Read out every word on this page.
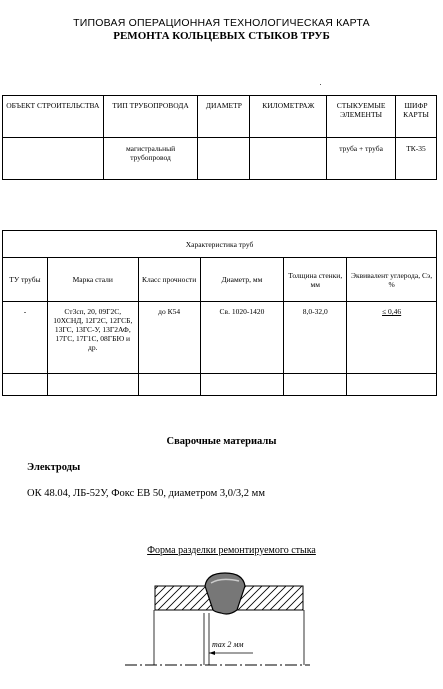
ТИПОВАЯ ОПЕРАЦИОННАЯ ТЕХНОЛОГИЧЕСКАЯ КАРТА
РЕМОНТА КОЛЬЦЕВЫХ СТЫКОВ ТРУБ
ОБЪЕКТ СТРОИТЕЛЬСТВА	ТИП ТРУБОПРОВОДА	ДИАМЕТР	КИЛОМЕТРАЖ	СТЫКУЕМЫЕ ЭЛЕМЕНТЫ	ШИФР КАРТЫ
	магистральный трубопровод			труба + труба	ТК-35
Характеристика труб					
ТУ трубы	Марка стали	Класс прочности	Диаметр, мм	Толщина стенки, мм	Эквивалент углерода, Сэ, %
-	Ст3сп, 20, 09Г2С, 10ХСНД, 12Г2С, 12ГСБ, 13ГС, 13ГС-У, 13Г2АФ, 17ГС, 17Г1С, 08ГБЮ и др.	до К54	Св. 1020-1420	8,0-32,0	≤ 0,46

Сварочные материалы
Электроды
ОК 48.04, ЛБ-52У, Фокс ЕВ 50, диаметром 3,0/3,2 мм
Форма разделки ремонтируемого стыка
max 2 мм
